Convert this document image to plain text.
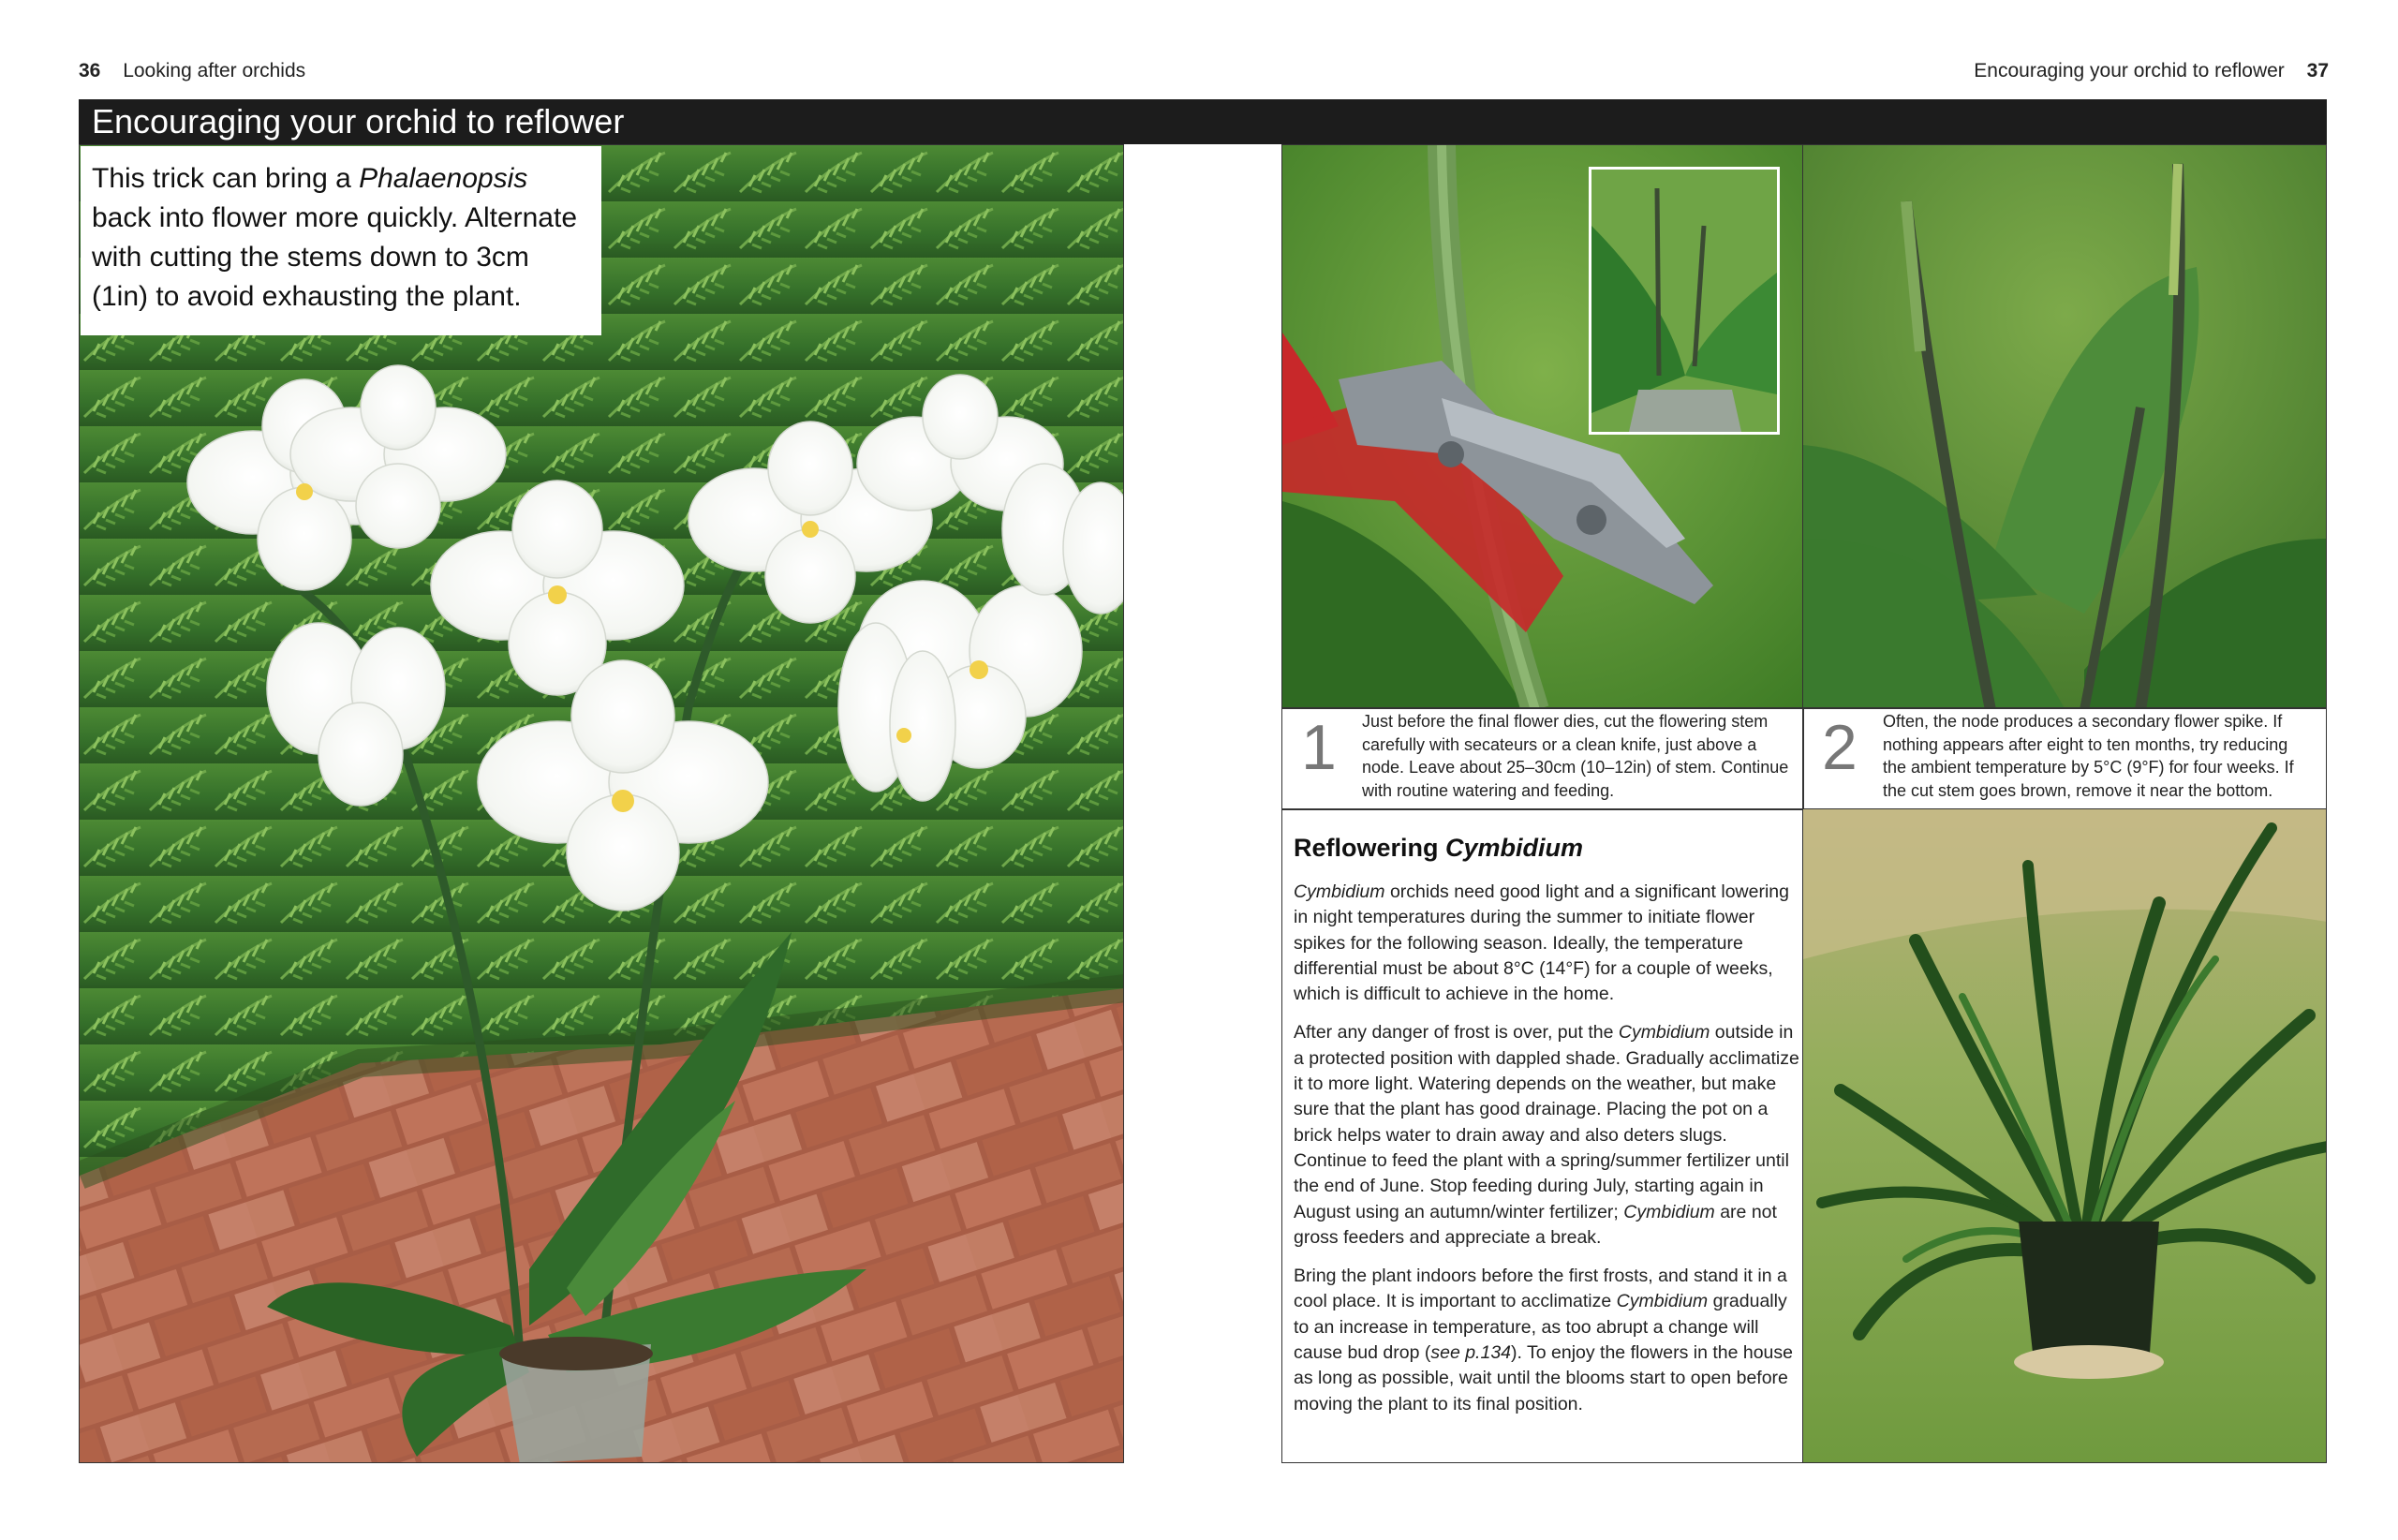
36 Looking after orchids	Encouraging your orchid to reflower 37
Encouraging your orchid to reflower
This trick can bring a Phalaenopsis back into flower more quickly. Alternate with cutting the stems down to 3cm (1in) to avoid exhausting the plant.
1 Just before the final flower dies, cut the flowering stem carefully with secateurs or a clean knife, just above a node. Leave about 25–30cm (10–12in) of stem. Continue with routine watering and feeding.
2 Often, the node produces a secondary flower spike. If nothing appears after eight to ten months, try reducing the ambient temperature by 5°C (9°F) for four weeks. If the cut stem goes brown, remove it near the bottom.
Reflowering Cymbidium

Cymbidium orchids need good light and a significant lowering in night temperatures during the summer to initiate flower spikes for the following season. Ideally, the temperature differential must be about 8°C (14°F) for a couple of weeks, which is difficult to achieve in the home.

After any danger of frost is over, put the Cymbidium outside in a protected position with dappled shade. Gradually acclimatize it to more light. Watering depends on the weather, but make sure that the plant has good drainage. Placing the pot on a brick helps water to drain away and also deters slugs. Continue to feed the plant with a spring/summer fertilizer until the end of June. Stop feeding during July, starting again in August using an autumn/winter fertilizer; Cymbidium are not gross feeders and appreciate a break.

Bring the plant indoors before the first frosts, and stand it in a cool place. It is important to acclimatize Cymbidium gradually to an increase in temperature, as too abrupt a change will cause bud drop (see p.134). To enjoy the flowers in the house as long as possible, wait until the blooms start to open before moving the plant to its final position.
